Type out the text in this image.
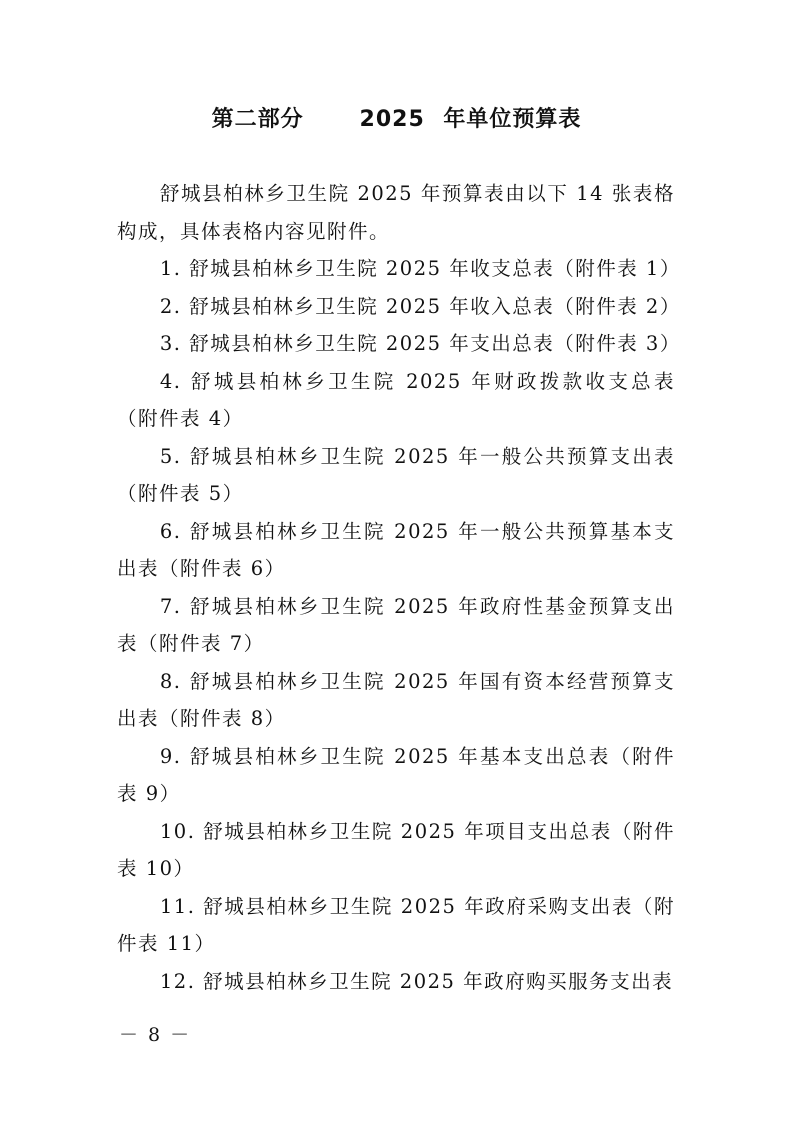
第二部分   2025 年单位预算表

舒城县柏林乡卫生院 2025 年预算表由以下 14 张表格构成，具体表格内容见附件。

1. 舒城县柏林乡卫生院 2025 年收支总表（附件表 1）

2. 舒城县柏林乡卫生院 2025 年收入总表（附件表 2）

3. 舒城县柏林乡卫生院 2025 年支出总表（附件表 3）

4. 舒城县柏林乡卫生院 2025 年财政拨款收支总表（附件表 4）

5. 舒城县柏林乡卫生院 2025 年一般公共预算支出表（附件表 5）

6. 舒城县柏林乡卫生院 2025 年一般公共预算基本支出表（附件表 6）

7. 舒城县柏林乡卫生院 2025 年政府性基金预算支出表（附件表 7）

8. 舒城县柏林乡卫生院 2025 年国有资本经营预算支出表（附件表 8）

9. 舒城县柏林乡卫生院 2025 年基本支出总表（附件表 9）

10. 舒城县柏林乡卫生院 2025 年项目支出总表（附件表 10）

11. 舒城县柏林乡卫生院 2025 年政府采购支出表（附件表 11）

12. 舒城县柏林乡卫生院 2025 年政府购买服务支出表

－ 8 －
